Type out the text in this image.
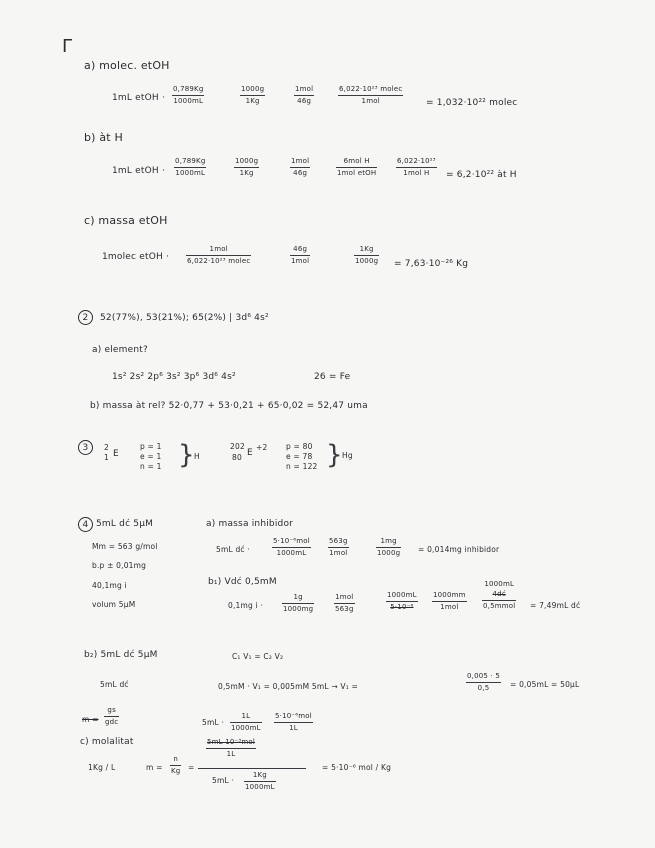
Γ
a) molec. etOH
1mL etOH ·
0,789Kg
1000mL
1000g
1Kg
1mol
46g
6,022·10²³ molec
1mol	= 1,032·10²² molec
b) àt H
1mL etOH ·
0,789Kg
1000mL
1000g
1Kg
1mol
46g
6mol H
1mol etOH
6,022·10²³
1mol H = 6,2·10²² àt H
c) massa etOH
1molec etOH ·
1mol
6,022·10²³ molec
46g
1mol
1Kg
1000g = 7,63·10⁻²⁶ Kg
2	52(77%), 53(21%); 65(2%) | 3d⁶ 4s²
a) element?
1s² 2s² 2p⁶ 3s² 3p⁶ 3d⁶ 4s²	26 = Fe
b) massa àt rel? 52·0,77 + 53·0,21 + 65·0,02 = 52,47 uma
3	2
1 E
p = 1
e = 1
n = 1 } H
202
80 E
+2 p = 80
e = 78
n = 122 } Hg
4 5mL dć 5μM
Mm = 563 g/mol
b.p ± 0,01mg
40,1mg i
volum 5μM
a) massa inhibidor
5mL dć ·
5·10⁻⁶mol
1000mL
563g
1mol
1mg
1000g = 0,014mg inhibidor
b₁) Vdć 0,5mM
0,1mg i ·
1g
1000mg
1mol
563g
1000mL
5·10⁻⁶
1000mm
1mol
1000mL
4dć
0,5mmol = 7,49mL dć
b₂) 5mL dć 5μM
5mL dć
C₁ V₁ = C₂ V₂
0,5mM · V₁ = 0,005mM 5mL → V₁ =
0,005 · 5
0,5	= 0,05mL = 50μL
m =
gs
gdc
c) molalitat
1Kg / L	m =
n
Kg =
5mL ·
1L
1000mL
5·10⁻⁶mol
1L
5mL 10⁻³mol
1L
5mL ·
1Kg
1000mL
= 5·10⁻⁶ mol / Kg
